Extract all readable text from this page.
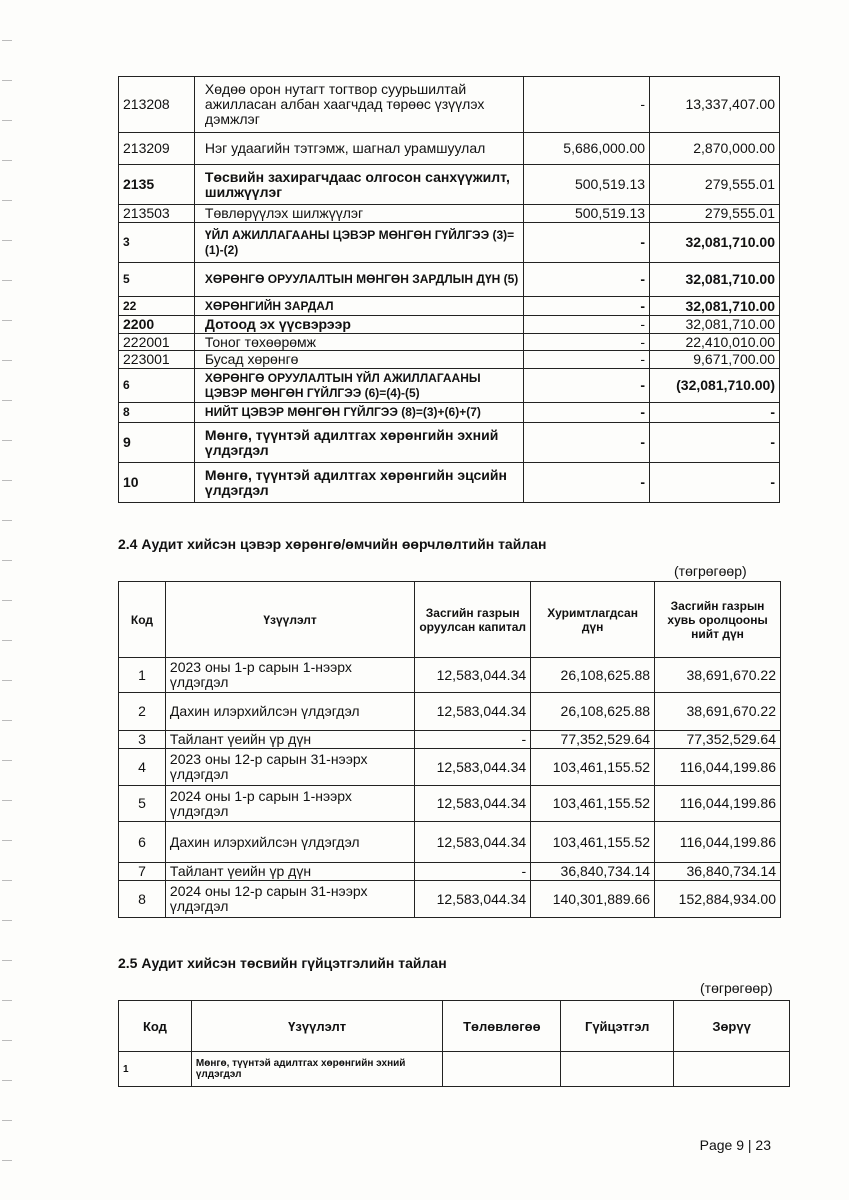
213208	Хөдөө орон нутагт тогтвор суурьшилтай ажилласан албан хаагчдад төрөөс үзүүлэх дэмжлэг	-	13,337,407.00
213209	Нэг удаагийн тэтгэмж, шагнал урамшуулал	5,686,000.00	2,870,000.00
2135	Төсвийн захирагчдаас олгосон санхүүжилт, шилжүүлэг	500,519.13	279,555.01
213503	Төвлөрүүлэх шилжүүлэг	500,519.13	279,555.01
3	ҮЙЛ АЖИЛЛАГААНЫ ЦЭВЭР МӨНГӨН ГҮЙЛГЭЭ (3)=(1)-(2)	-	32,081,710.00
5	ХӨРӨНГӨ ОРУУЛАЛТЫН МӨНГӨН ЗАРДЛЫН ДҮН (5)	-	32,081,710.00
22	ХӨРӨНГИЙН ЗАРДАЛ	-	32,081,710.00
2200	Дотоод эх үүсвэрээр	-	32,081,710.00
222001	Тоног төхөөрөмж	-	22,410,010.00
223001	Бусад хөрөнгө	-	9,671,700.00
6	ХӨРӨНГӨ ОРУУЛАЛТЫН ҮЙЛ АЖИЛЛАГААНЫ ЦЭВЭР МӨНГӨН ГҮЙЛГЭЭ (6)=(4)-(5)	-	(32,081,710.00)
8	НИЙТ ЦЭВЭР МӨНГӨН ГҮЙЛГЭЭ (8)=(3)+(6)+(7)	-	-
9	Мөнгө, түүнтэй адилтгах хөрөнгийн эхний үлдэгдэл	-	-
10	Мөнгө, түүнтэй адилтгах хөрөнгийн эцсийн үлдэгдэл	-	-
2.4 Аудит хийсэн цэвэр хөрөнгө/өмчийн өөрчлөлтийн тайлан
(төгрөгөөр)
Код	Үзүүлэлт	Засгийн газрын оруулсан капитал	Хуримтлагдсан дүн	Засгийн газрын хувь оролцооны нийт дүн
1	2023 оны 1-р сарын 1-нээрх үлдэгдэл	12,583,044.34	26,108,625.88	38,691,670.22
2	Дахин илэрхийлсэн үлдэгдэл	12,583,044.34	26,108,625.88	38,691,670.22
3	Тайлант үеийн үр дүн	-	77,352,529.64	77,352,529.64
4	2023 оны 12-р сарын 31-нээрх үлдэгдэл	12,583,044.34	103,461,155.52	116,044,199.86
5	2024 оны 1-р сарын 1-нээрх үлдэгдэл	12,583,044.34	103,461,155.52	116,044,199.86
6	Дахин илэрхийлсэн үлдэгдэл	12,583,044.34	103,461,155.52	116,044,199.86
7	Тайлант үеийн үр дүн	-	36,840,734.14	36,840,734.14
8	2024 оны 12-р сарын 31-нээрх үлдэгдэл	12,583,044.34	140,301,889.66	152,884,934.00
2.5 Аудит хийсэн төсвийн гүйцэтгэлийн тайлан
(төгрөгөөр)
Код	Үзүүлэлт	Төлөвлөгөө	Гүйцэтгэл	Зөрүү
1	Мөнгө, түүнтэй адилтгах хөрөнгийн эхний үлдэгдэл			
Page 9 | 23
